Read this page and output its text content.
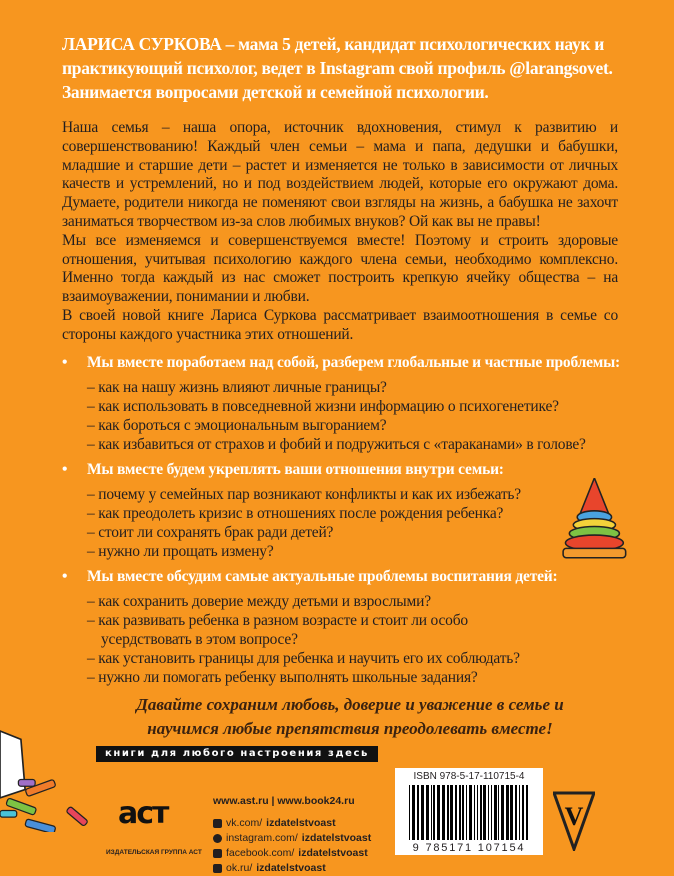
ЛАРИСА СУРКОВА – мама 5 детей, кандидат психологических наук и практикующий психолог, ведет в Instagram свой профиль @larangsovet. Занимается вопросами детской и семейной психологии.

Наша семья – наша опора, источник вдохновения, стимул к развитию и совершенствованию! Каждый член семьи – мама и папа, дедушки и бабушки, младшие и старшие дети – растет и изменяется не только в зависимости от личных качеств и устремлений, но и под воздействием людей, которые его окружают дома. Думаете, родители никогда не поменяют свои взгляды на жизнь, а бабушка не захочт заниматься творчеством из-за слов любимых внуков? Ой как вы не правы!

Мы все изменяемся и совершенствуемся вместе! Поэтому и строить здоровые отношения, учитывая психологию каждого члена семьи, необходимо комплексно. Именно тогда каждый из нас сможет построить крепкую ячейку общества – на взаимоуважении, понимании и любви.

В своей новой книге Лариса Суркова рассматривает взаимоотношения в семье со стороны каждого участника этих отношений.

•	Мы вместе поработаем над собой, разберем глобальные и частные проблемы:
– как на нашу жизнь влияют личные границы?
– как использовать в повседневной жизни информацию о психогенетике?
– как бороться с эмоциональным выгоранием?
– как избавиться от страхов и фобий и подружиться с «тараканами» в голове?
•	Мы вместе будем укреплять ваши отношения внутри семьи:
– почему у семейных пар возникают конфликты и как их избежать?
– как преодолеть кризис в отношениях после рождения ребенка?
– стоит ли сохранять брак ради детей?
– нужно ли прощать измену?
•	Мы вместе обсудим самые актуальные проблемы воспитания детей:
– как сохранить доверие между детьми и взрослыми?
– как развивать ребенка в разном возрасте и стоит ли особо усердствовать в этом вопросе?
– как установить границы для ребенка и научить его их соблюдать?
– нужно ли помогать ребенку выполнять школьные задания?
Давайте сохраним любовь, доверие и уважение в семье и научимся любые препятствия преодолевать вместе!
книги для любого настроения здесь
аст
ИЗДАТЕЛЬСКАЯ ГРУППА АСТ
www.ast.ru | www.book24.ru
vk.com/ izdatelstvoast
instagram.com/ izdatelstvoast
facebook.com/ izdatelstvoast
ok.ru/ izdatelstvoast
ISBN 978-5-17-110715-4
9 785171 107154
V
